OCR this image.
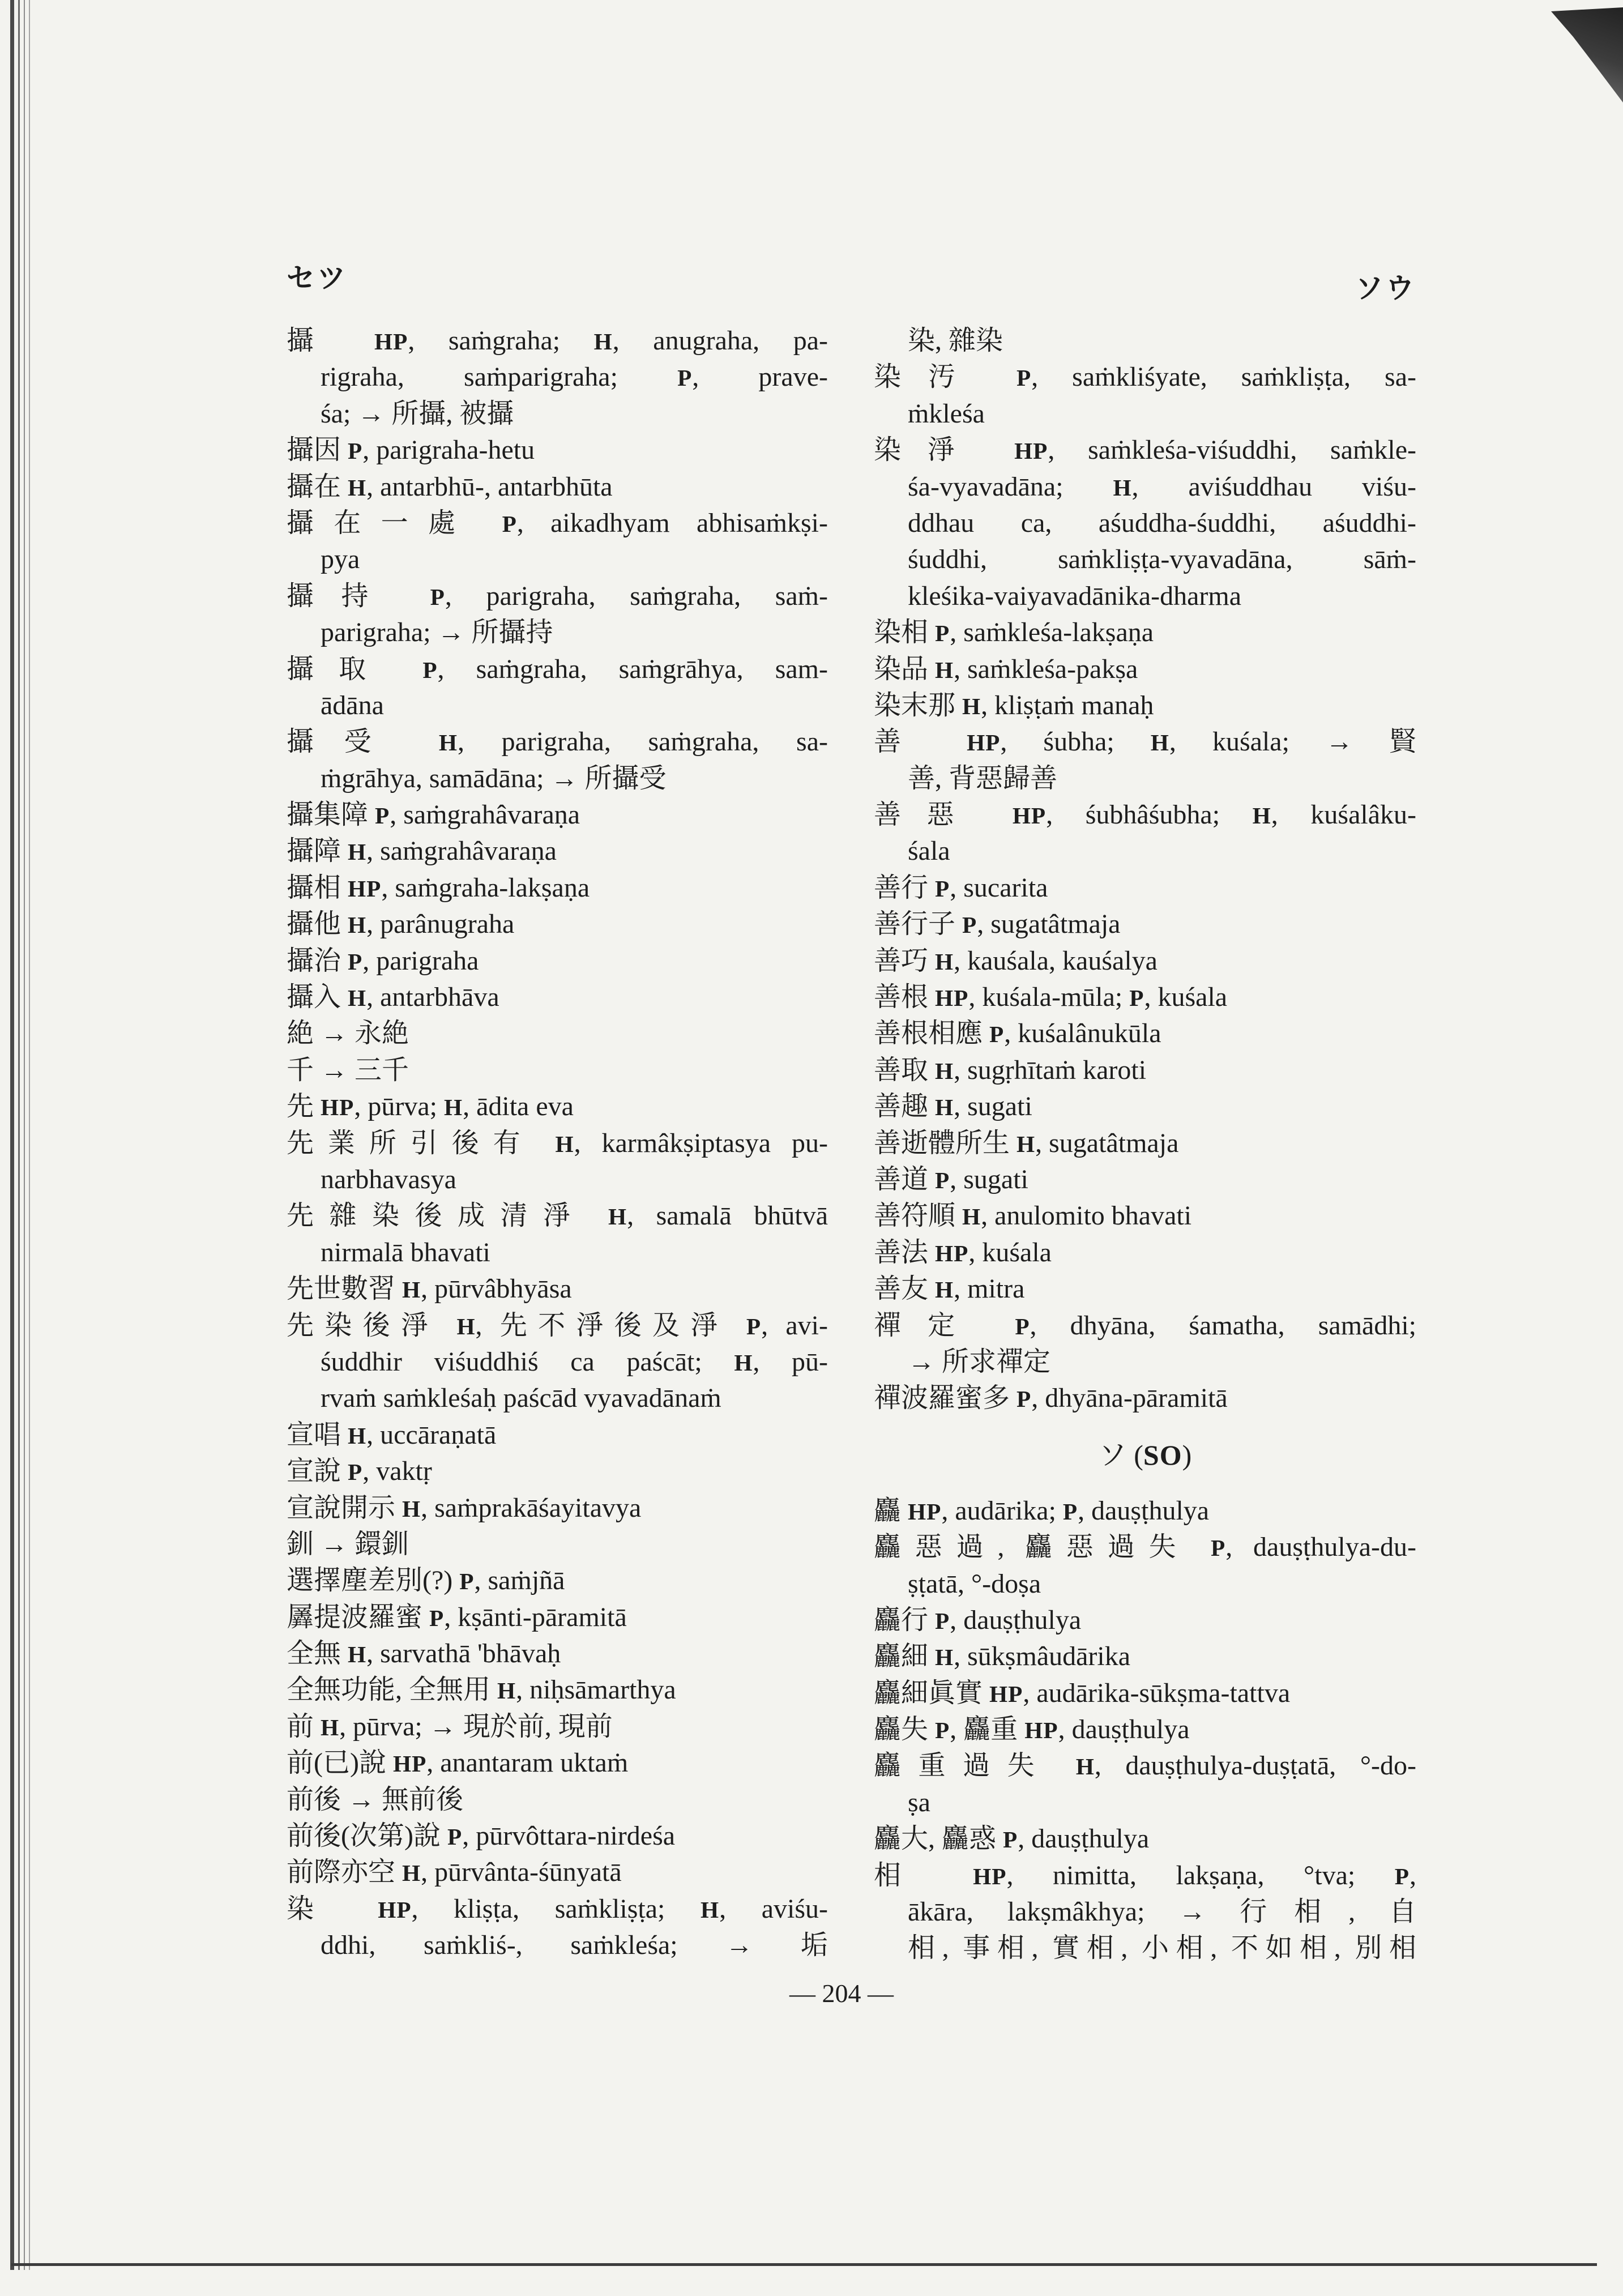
セツ	ソウ
攝 HP, saṁgraha; H, anugraha, pa-
rigraha, saṁparigraha; P, prave-
śa; → 所攝, 被攝
攝因 P, parigraha-hetu
攝在 H, antarbhū-, antarbhūta
攝在一處 P, aikadhyam abhisaṁkṣi-
pya
攝持 P, parigraha, saṁgraha, saṁ-
parigraha; → 所攝持
攝取 P, saṁgraha, saṁgrāhya, sam-
ādāna
攝受 H, parigraha, saṁgraha, sa-
ṁgrāhya, samādāna; → 所攝受
攝集障 P, saṁgrahâvaraṇa
攝障 H, saṁgrahâvaraṇa
攝相 HP, saṁgraha-lakṣaṇa
攝他 H, parânugraha
攝治 P, parigraha
攝入 H, antarbhāva
絶 → 永絶
千 → 三千
先 HP, pūrva; H, ādita eva
先業所引後有 H, karmâkṣiptasya pu-
narbhavasya
先雜染後成清淨 H, samalā bhūtvā
nirmalā bhavati
先世數習 H, pūrvâbhyāsa
先染後淨 H, 先不淨後及淨 P, avi-
śuddhir viśuddhiś ca paścāt; H, pū-
rvaṁ saṁkleśaḥ paścād vyavadānaṁ
宣唱 H, uccāraṇatā
宣說 P, vaktṛ
宣說開示 H, saṁprakāśayitavya
釧 → 鐶釧
選擇塵差別(?) P, saṁjñā
羼提波羅蜜 P, kṣānti-pāramitā
全無 H, sarvathā 'bhāvaḥ
全無功能, 全無用 H, niḥsāmarthya
前 H, pūrva; → 現於前, 現前
前(已)說 HP, anantaram uktaṁ
前後 → 無前後
前後(次第)說 P, pūrvôttara-nirdeśa
前際亦空 H, pūrvânta-śūnyatā
染 HP, kliṣṭa, saṁkliṣṭa; H, aviśu-
ddhi, saṁkliś-, saṁkleśa; → 垢
染, 雜染
染汚 P, saṁkliśyate, saṁkliṣṭa, sa-
ṁkleśa
染淨 HP, saṁkleśa-viśuddhi, saṁkle-
śa-vyavadāna; H, aviśuddhau viśu-
ddhau ca, aśuddha-śuddhi, aśuddhi-
śuddhi, saṁkliṣṭa-vyavadāna, sāṁ-
kleśika-vaiyavadānika-dharma
染相 P, saṁkleśa-lakṣaṇa
染品 H, saṁkleśa-pakṣa
染末那 H, kliṣṭaṁ manaḥ
善 HP, śubha; H, kuśala; → 賢
善, 背惡歸善
善惡 HP, śubhâśubha; H, kuśalâku-
śala
善行 P, sucarita
善行子 P, sugatâtmaja
善巧 H, kauśala, kauśalya
善根 HP, kuśala-mūla; P, kuśala
善根相應 P, kuśalânukūla
善取 H, sugṛhītaṁ karoti
善趣 H, sugati
善逝體所生 H, sugatâtmaja
善道 P, sugati
善符順 H, anulomito bhavati
善法 HP, kuśala
善友 H, mitra
禪定 P, dhyāna, śamatha, samādhi;
→ 所求禪定
禪波羅蜜多 P, dhyāna-pāramitā
ソ (SO)
麤 HP, audārika; P, dauṣṭhulya
麤惡過, 麤惡過失 P, dauṣṭhulya-du-
ṣṭatā, °-doṣa
麤行 P, dauṣṭhulya
麤細 H, sūkṣmâudārika
麤細眞實 HP, audārika-sūkṣma-tattva
麤失 P, 麤重 HP, dauṣṭhulya
麤重過失 H, dauṣṭhulya-duṣṭatā, °-do-
ṣa
麤大, 麤惑 P, dauṣṭhulya
相 HP, nimitta, lakṣaṇa, °tva; P,
ākāra, lakṣmâkhya; → 行相, 自
相, 事相, 實相, 小相, 不如相, 別相
— 204 —
